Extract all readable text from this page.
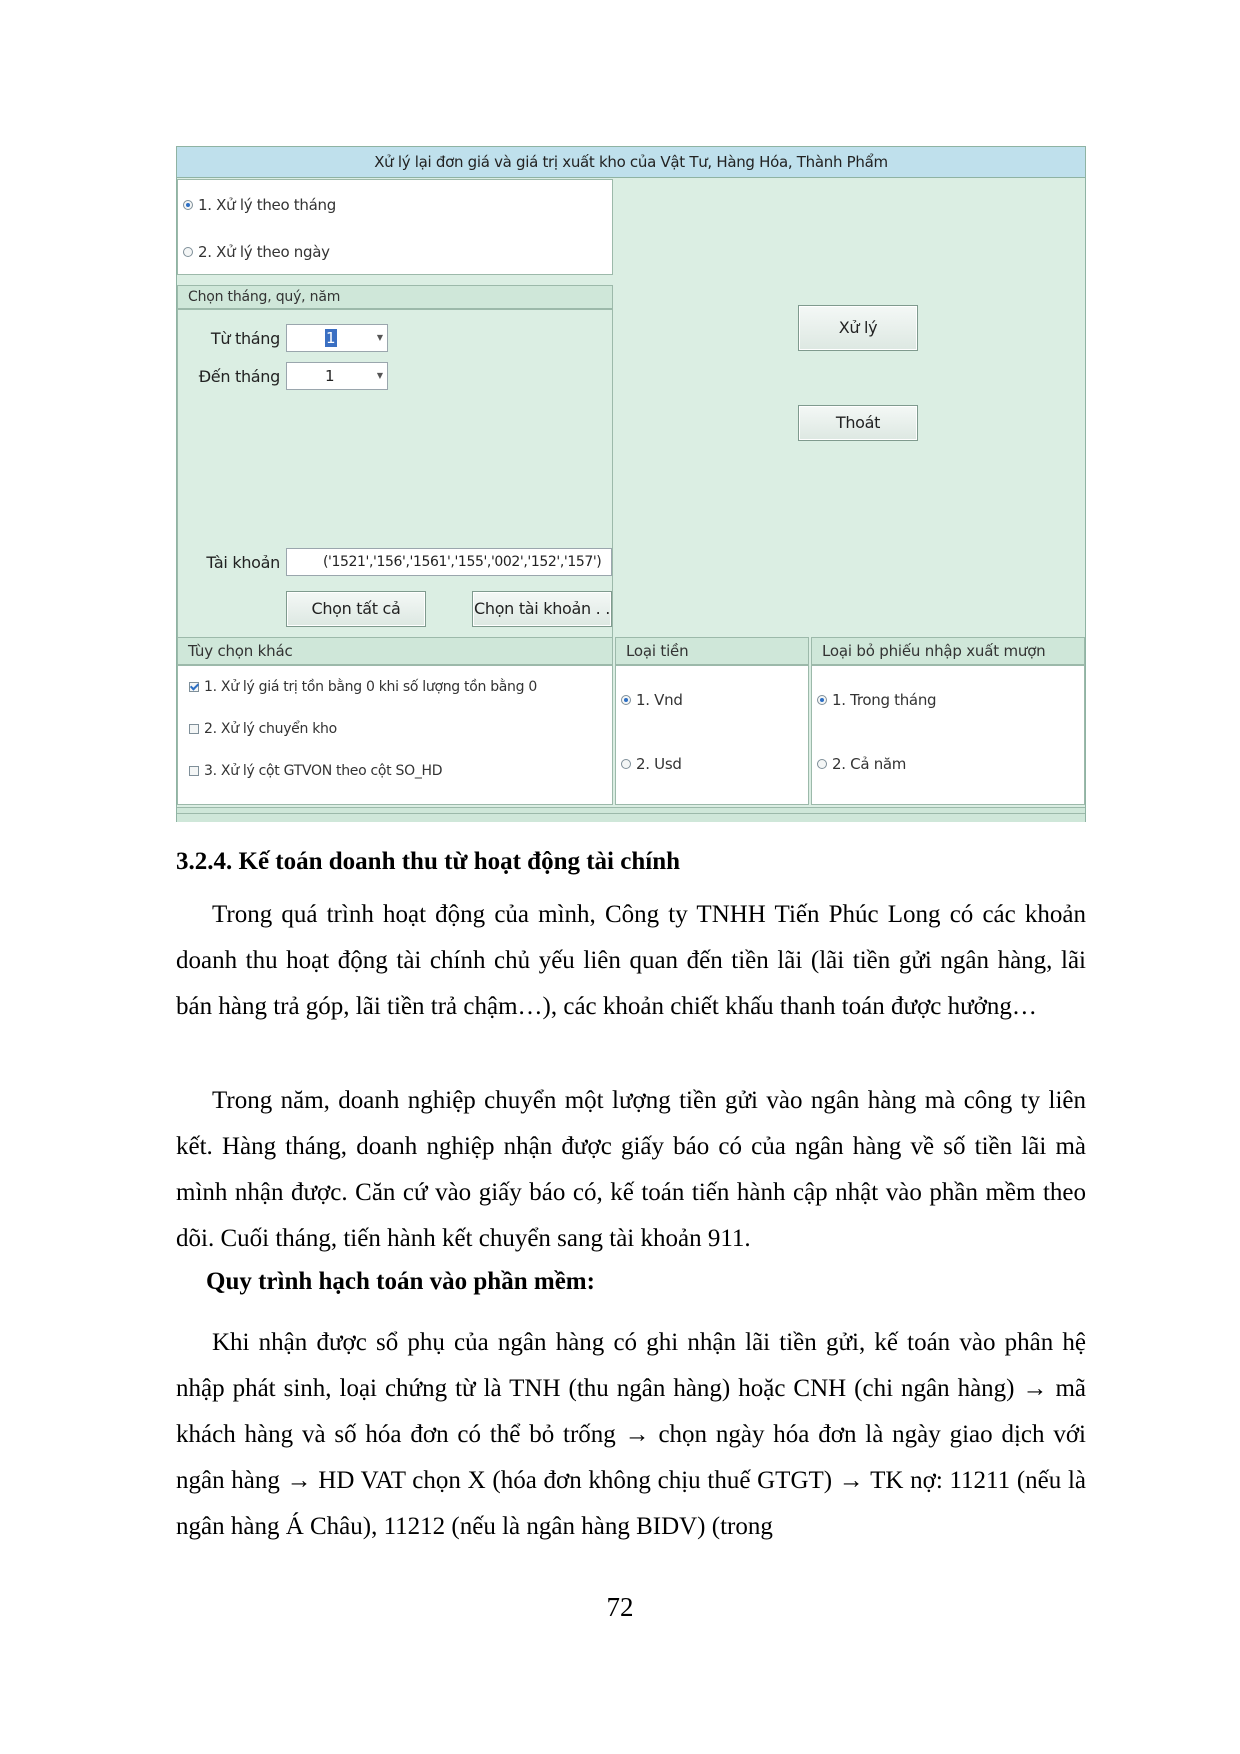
Xử lý lại đơn giá và giá trị xuất kho của Vật Tư, Hàng Hóa, Thành Phẩm
1. Xử lý theo tháng
2. Xử lý theo ngày
Chọn tháng, quý, năm
Từ tháng	1	▼
Đến tháng	1	▼
Tài khoản	('1521','156','1561','155','002','152','157')
Chọn tất cả	Chọn tài khoản . .
Xử lý
Thoát
Tùy chọn khác
1. Xử lý giá trị tồn bằng 0 khi số lượng tồn bằng 0
2. Xử lý chuyển kho
3. Xử lý cột GTVON theo cột SO_HD
Loại tiền
1. Vnd
2. Usd
Loại bỏ phiếu nhập xuất mượn
1. Trong tháng
2. Cả năm
3.2.4. Kế toán doanh thu từ hoạt động tài chính
Trong quá trình hoạt động của mình, Công ty TNHH Tiến Phúc Long có các khoản doanh thu hoạt động tài chính chủ yếu liên quan đến tiền lãi (lãi tiền gửi ngân hàng, lãi bán hàng trả góp, lãi tiền trả chậm…), các khoản chiết khấu thanh toán được hưởng…
Trong năm, doanh nghiệp chuyển một lượng tiền gửi vào ngân hàng mà công ty liên kết. Hàng tháng, doanh nghiệp nhận được giấy báo có của ngân hàng về số tiền lãi mà mình nhận được. Căn cứ vào giấy báo có, kế toán tiến hành cập nhật vào phần mềm theo dõi. Cuối tháng, tiến hành kết chuyển sang tài khoản 911.
Quy trình hạch toán vào phần mềm:
Khi nhận được sổ phụ của ngân hàng có ghi nhận lãi tiền gửi, kế toán vào phân hệ nhập phát sinh, loại chứng từ là TNH (thu ngân hàng) hoặc CNH (chi ngân hàng) → mã khách hàng và số hóa đơn có thể bỏ trống → chọn ngày hóa đơn là ngày giao dịch với ngân hàng → HD VAT chọn X (hóa đơn không chịu thuế GTGT) → TK nợ: 11211 (nếu là ngân hàng Á Châu), 11212 (nếu là ngân hàng BIDV) (trong
72
